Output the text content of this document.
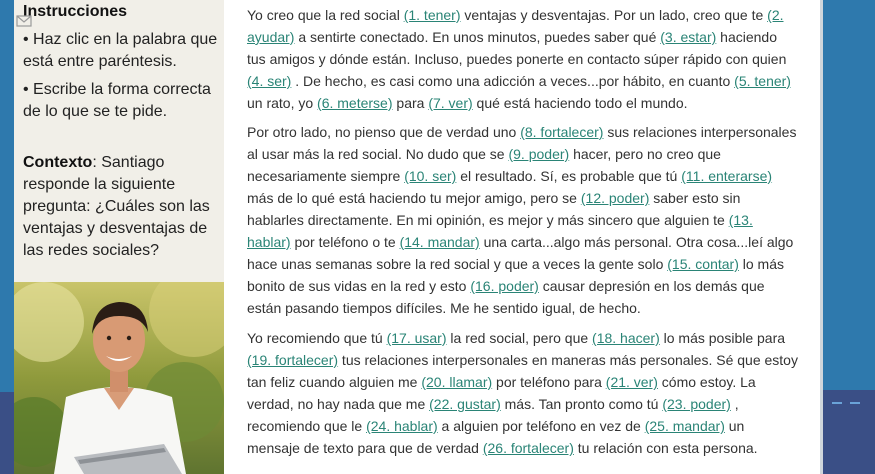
Instrucciones
• Haz clic en la palabra que está entre paréntesis.
• Escribe la forma correcta de lo que se te pide.
Contexto: Santiago responde la siguiente pregunta: ¿Cuáles son las ventajas y desventajas de las redes sociales?
Yo creo que la red social (1. tener) ventajas y desventajas. Por un lado, creo que te (2. ayudar) a sentirte conectado. En unos minutos, puedes saber qué (3. estar) haciendo tus amigos y dónde están. Incluso, puedes ponerte en contacto súper rápido con quien (4. ser) . De hecho, es casi como una adicción a veces...por hábito, en cuanto (5. tener) un rato, yo (6. meterse) para (7. ver) qué está haciendo todo el mundo.
Por otro lado, no pienso que de verdad uno (8. fortalecer) sus relaciones interpersonales al usar más la red social. No dudo que se (9. poder) hacer, pero no creo que necesariamente siempre (10. ser) el resultado. Sí, es probable que tú (11. enterarse) más de lo qué está haciendo tu mejor amigo, pero se (12. poder) saber esto sin hablarles directamente. En mi opinión, es mejor y más sincero que alguien te (13. hablar) por teléfono o te (14. mandar) una carta...algo más personal. Otra cosa...leí algo hace unas semanas sobre la red social y que a veces la gente solo (15. contar) lo más bonito de sus vidas en la red y esto (16. poder) causar depresión en los demás que están pasando tiempos difíciles. Me he sentido igual, de hecho.
Yo recomiendo que tú (17. usar) la red social, pero que (18. hacer) lo más posible para (19. fortalecer) tus relaciones interpersonales en maneras más personales. Sé que estoy tan feliz cuando alguien me (20. llamar) por teléfono para (21. ver) cómo estoy. La verdad, no hay nada que me (22. gustar) más. Tan pronto como tú (23. poder) , recomiendo que le (24. hablar) a alguien por teléfono en vez de (25. mandar) un mensaje de texto para que de verdad (26. fortalecer) tu relación con esta persona.
